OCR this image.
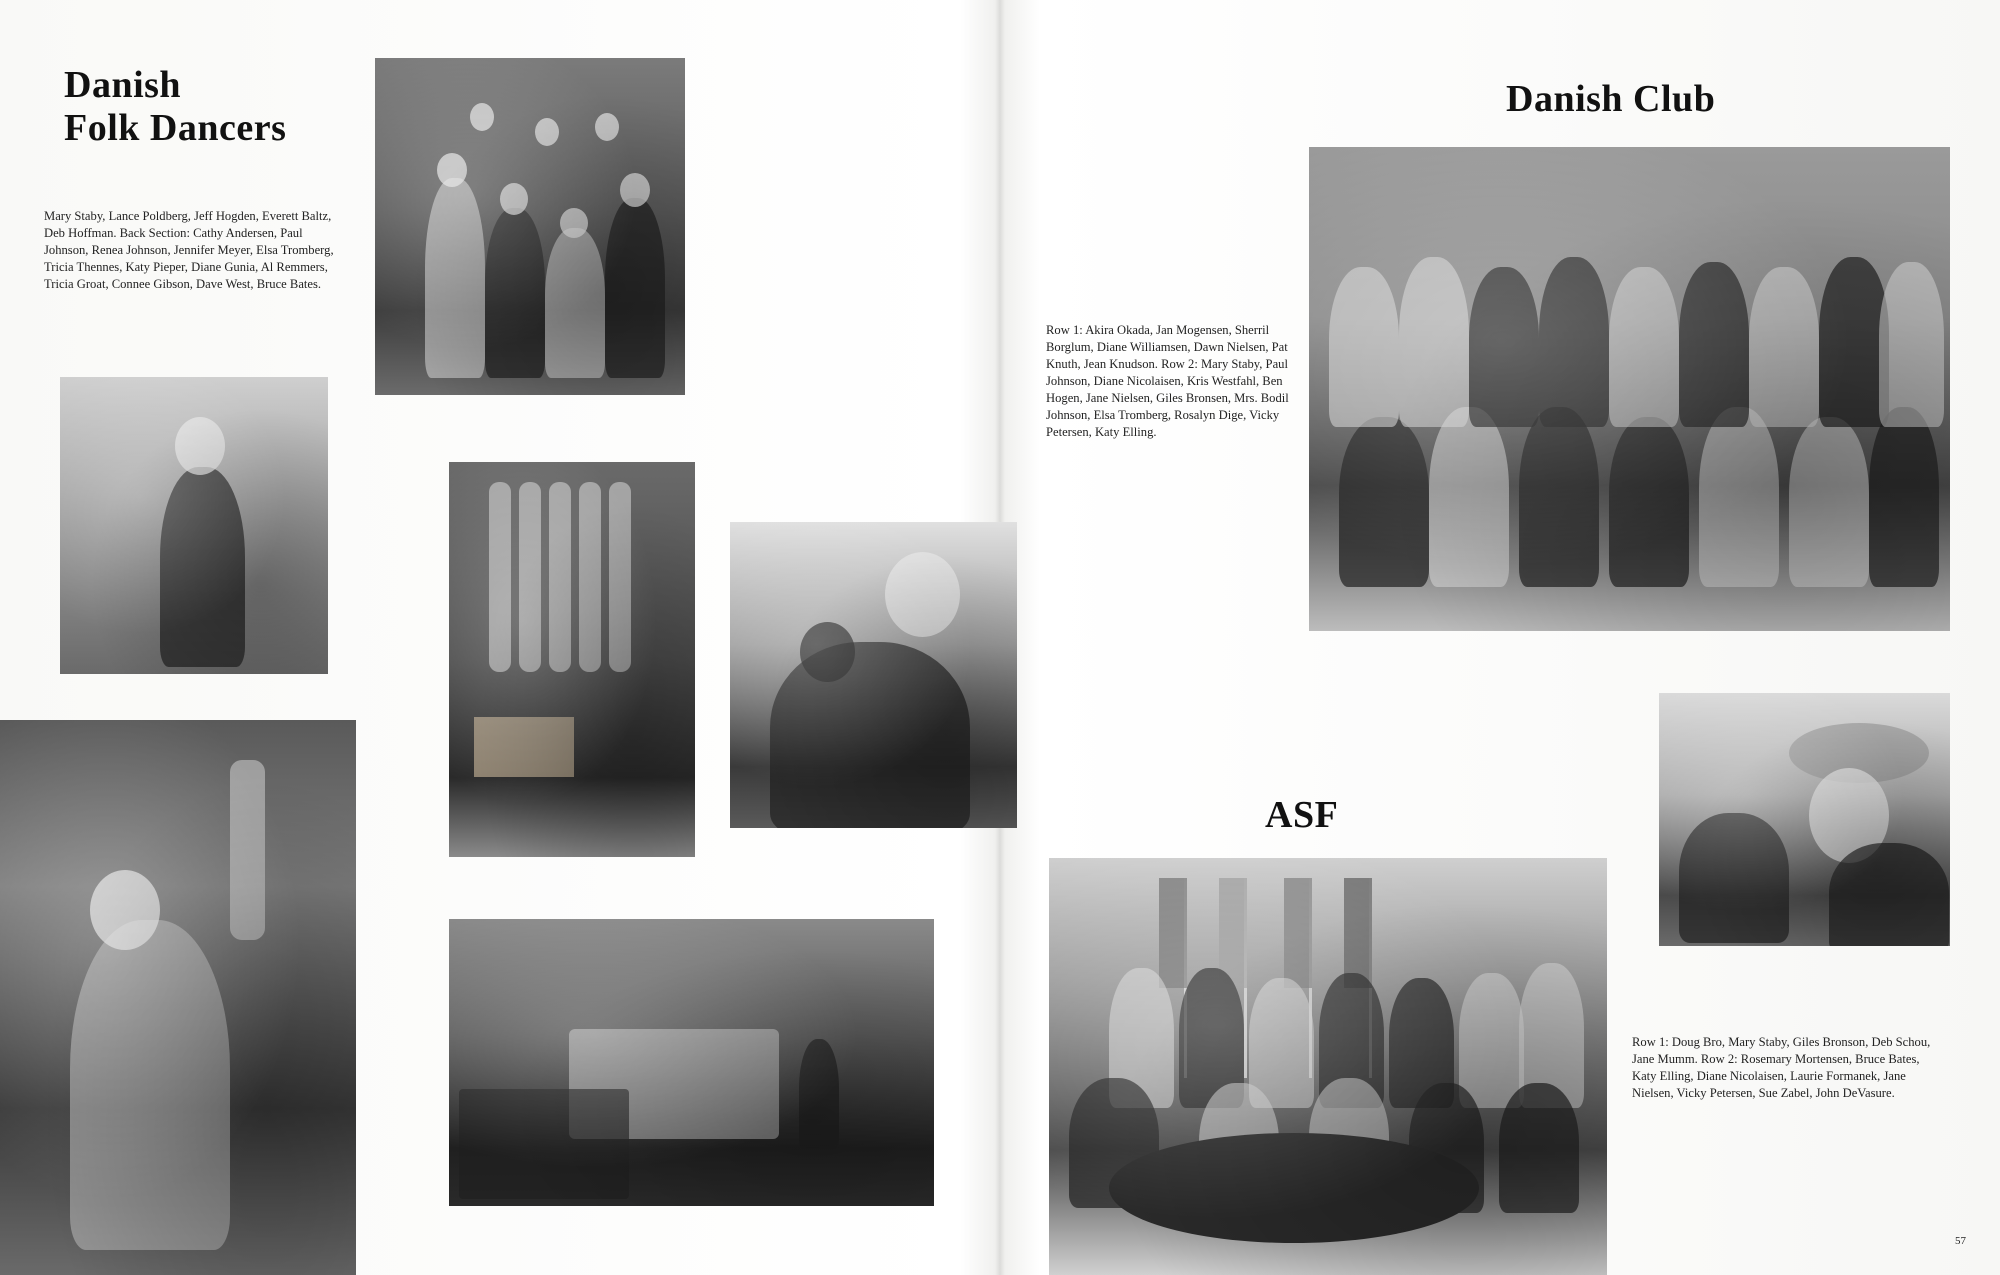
Danish
Folk Dancers

Mary Staby, Lance Poldberg, Jeff Hogden, Everett Baltz, Deb Hoffman. Back Section: Cathy Andersen, Paul Johnson, Renea Johnson, Jennifer Meyer, Elsa Tromberg, Tricia Thennes, Katy Pieper, Diane Gunia, Al Remmers, Tricia Groat, Connee Gibson, Dave West, Bruce Bates.

Danish Club

Row 1: Akira Okada, Jan Mogensen, Sherril Borglum, Diane Williamsen, Dawn Nielsen, Pat Knuth, Jean Knudson. Row 2: Mary Staby, Paul Johnson, Diane Nicolaisen, Kris Westfahl, Ben Hogen, Jane Nielsen, Giles Bronsen, Mrs. Bodil Johnson, Elsa Tromberg, Rosalyn Dige, Vicky Petersen, Katy Elling.

ASF

Row 1: Doug Bro, Mary Staby, Giles Bronson, Deb Schou, Jane Mumm. Row 2: Rosemary Mortensen, Bruce Bates, Katy Elling, Diane Nicolaisen, Laurie Formanek, Jane Nielsen, Vicky Petersen, Sue Zabel, John DeVasure.

57
